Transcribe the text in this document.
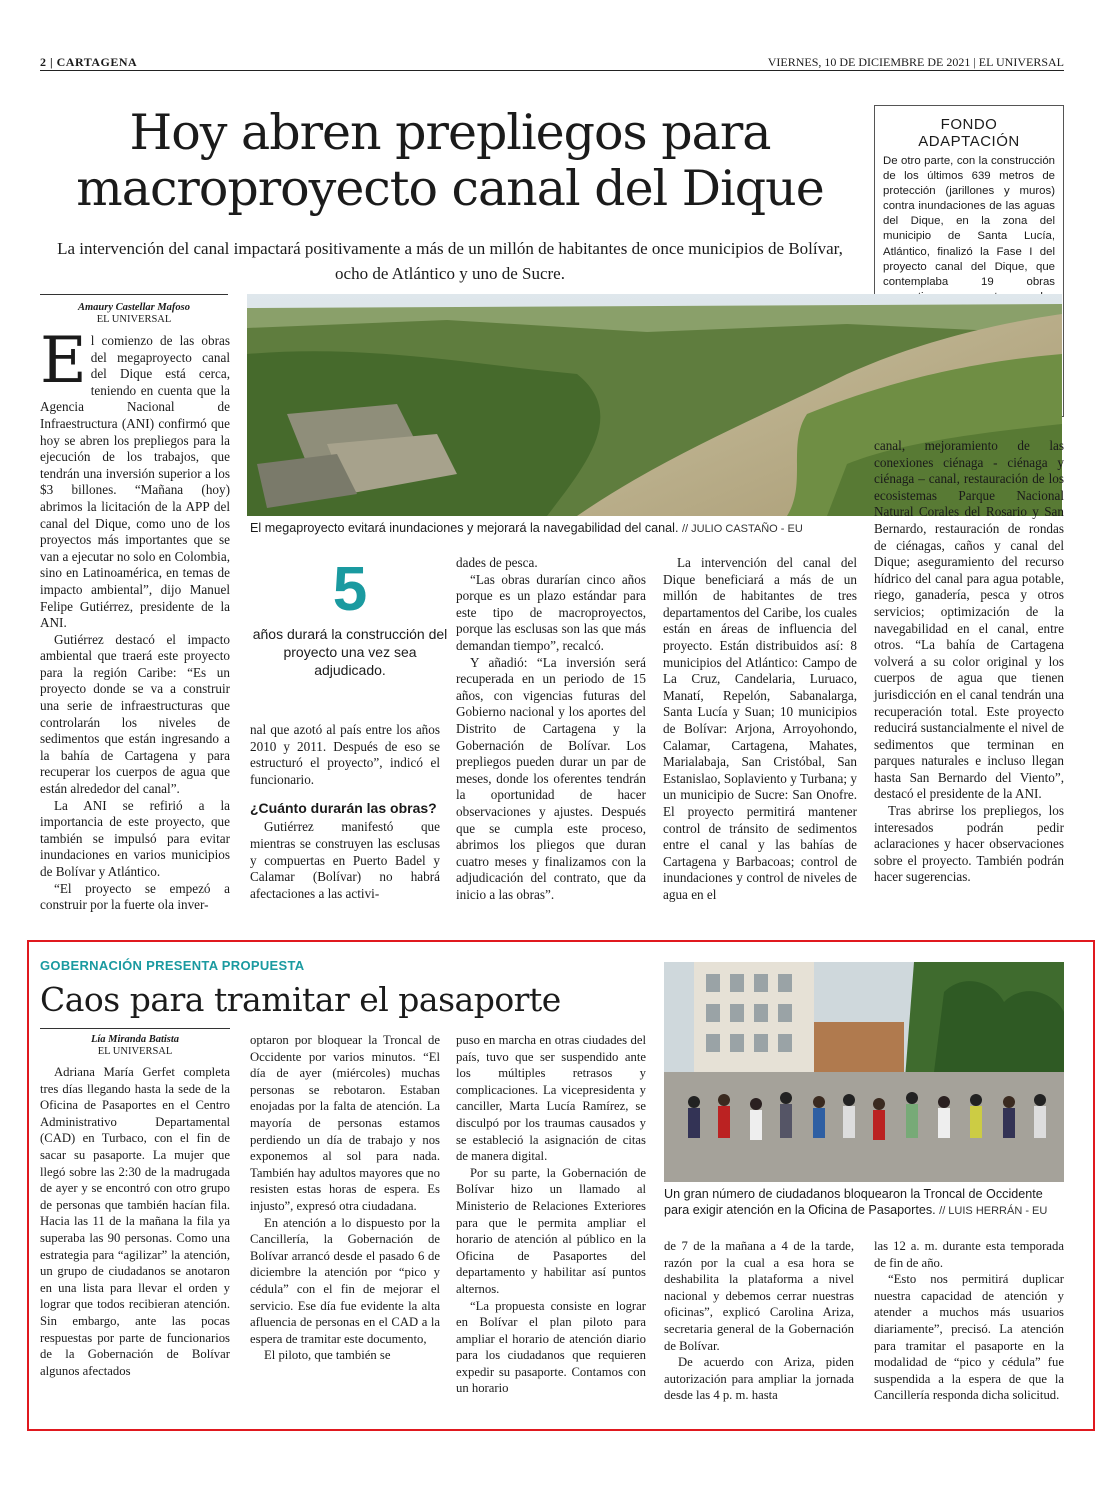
2 | CARTAGENA	VIERNES, 10 DE DICIEMBRE DE 2021 | EL UNIVERSAL
Hoy abren prepliegos para
macroproyecto canal del Dique
La intervención del canal impactará positivamente a más de un millón de habitantes de once municipios de Bolívar, ocho de Atlántico y uno de Sucre.
FONDO
ADAPTACIÓN
De otro parte, con la construcción de los últimos 639 metros de protección (jarillones y muros) contra inundaciones de las aguas del Dique, en la zona del municipio de Santa Lucía, Atlántico, finalizó la Fase I del proyecto canal del Dique, que contemplaba 19 obras
El megaproyecto evitará inundaciones y mejorará la navegabilidad del canal. // JULIO CASTAÑO - EU
Amaury Castellar Mafoso
EL UNIVERSAL

El comienzo de las obras del megaproyecto canal del Dique está cerca, teniendo en cuenta que la Agencia Nacional de Infraestructura (ANI) confirmó que hoy se abren los prepliegos para la ejecución de los trabajos, que tendrán una inversión superior a los $3 billones. “Mañana (hoy) abrimos la licitación de la APP del canal del Dique, como uno de los proyectos más importantes que se van a ejecutar no solo en Colombia, sino en Latinoamérica, en temas de impacto ambiental”, dijo Manuel Felipe Gutiérrez, presidente de la ANI.

Gutiérrez destacó el impacto ambiental que traerá este proyecto para la región Caribe: “Es un proyecto donde se va a construir una serie de infraestructuras que controlarán los niveles de sedimentos que están ingresando a la bahía de Cartagena y para recuperar los cuerpos de agua que están alrededor del canal”.

La ANI se refirió a la importancia de este proyecto, que también se impulsó para evitar inundaciones en varios municipios de Bolívar y Atlántico.

“El proyecto se empezó a construir por la fuerte ola inver-

5
años durará la construcción del proyecto una vez sea adjudicado.

nal que azotó al país entre los años 2010 y 2011. Después de eso se estructuró el proyecto”, indicó el funcionario.

¿Cuánto durarán las obras?

Gutiérrez manifestó que mientras se construyen las esclusas y compuertas en Puerto Badel y Calamar (Bolívar) no habrá afectaciones a las activi-

dades de pesca.

“Las obras durarían cinco años porque es un plazo estándar para este tipo de macroproyectos, porque las esclusas son las que más demandan tiempo”, recalcó.

Y añadió: “La inversión será recuperada en un periodo de 15 años, con vigencias futuras del Gobierno nacional y los aportes del Distrito de Cartagena y la Gobernación de Bolívar. Los prepliegos pueden durar un par de meses, donde los oferentes tendrán la oportunidad de hacer observaciones y ajustes. Después que se cumpla este proceso, abrimos los pliegos que duran cuatro meses y finalizamos con la adjudicación del contrato, que da inicio a las obras”.

La intervención del canal del Dique beneficiará a más de un millón de habitantes de tres departamentos del Caribe, los cuales están en áreas de influencia del proyecto. Están distribuidos así: 8 municipios del Atlántico: Campo de La Cruz, Candelaria, Luruaco, Manatí, Repelón, Sabanalarga, Santa Lucía y Suan; 10 municipios de Bolívar: Arjona, Arroyohondo, Calamar, Cartagena, Mahates, Marialabaja, San Cristóbal, San Estanislao, Soplaviento y Turbana; y un municipio de Sucre: San Onofre. El proyecto permitirá mantener control de tránsito de sedimentos entre el canal y las bahías de Cartagena y Barbacoas; control de inundaciones y control de niveles de agua en el

canal, mejoramiento de las conexiones ciénaga - ciénaga y ciénaga – canal, restauración de los ecosistemas Parque Nacional Natural Corales del Rosario y San Bernardo, restauración de rondas de ciénagas, caños y canal del Dique; aseguramiento del recurso hídrico del canal para agua potable, riego, ganadería, pesca y otros servicios; optimización de la navegabilidad en el canal, entre otros. “La bahía de Cartagena volverá a su color original y los cuerpos de agua que tienen jurisdicción en el canal tendrán una recuperación total. Este proyecto reducirá sustancialmente el nivel de sedimentos que terminan en parques naturales e incluso llegan hasta San Bernardo del Viento”, destacó el presidente de la ANI.

Tras abrirse los prepliegos, los interesados podrán pedir aclaraciones y hacer observaciones sobre el proyecto. También podrán hacer sugerencias.

GOBERNACIÓN PRESENTA PROPUESTA
Caos para tramitar el pasaporte
Lía Miranda Batista
EL UNIVERSAL

Adriana María Gerfet completa tres días llegando hasta la sede de la Oficina de Pasaportes en el Centro Administrativo Departamental (CAD) en Turbaco, con el fin de sacar su pasaporte. La mujer que llegó sobre las 2:30 de la madrugada de ayer y se encontró con otro grupo de personas que también hacían fila. Hacia las 11 de la mañana la fila ya superaba las 90 personas. Como una estrategia para “agilizar” la atención, un grupo de ciudadanos se anotaron en una lista para llevar el orden y lograr que todos recibieran atención. Sin embargo, ante las pocas respuestas por parte de funcionarios de la Gobernación de Bolívar algunos afectados

optaron por bloquear la Troncal de Occidente por varios minutos. “El día de ayer (miércoles) muchas personas se rebotaron. Estaban enojadas por la falta de atención. La mayoría de personas estamos perdiendo un día de trabajo y nos exponemos al sol para nada. También hay adultos mayores que no resisten estas horas de espera. Es injusto”, expresó otra ciudadana.

En atención a lo dispuesto por la Cancillería, la Gobernación de Bolívar arrancó desde el pasado 6 de diciembre la atención por “pico y cédula” con el fin de mejorar el servicio. Ese día fue evidente la alta afluencia de personas en el CAD a la espera de tramitar este documento,

El piloto, que también se

puso en marcha en otras ciudades del país, tuvo que ser suspendido ante los múltiples retrasos y complicaciones. La vicepresidenta y canciller, Marta Lucía Ramírez, se disculpó por los traumas causados y se estableció la asignación de citas de manera digital.

Por su parte, la Gobernación de Bolívar hizo un llamado al Ministerio de Relaciones Exteriores para que le permita ampliar el horario de atención al público en la Oficina de Pasaportes del departamento y habilitar así puntos alternos.

“La propuesta consiste en lograr en Bolívar el plan piloto para ampliar el horario de atención diario para los ciudadanos que requieren expedir su pasaporte. Contamos con un horario

Un gran número de ciudadanos bloquearon la Troncal de Occidente para exigir atención en la Oficina de Pasaportes. // LUIS HERRÁN - EU

de 7 de la mañana a 4 de la tarde, razón por la cual a esa hora se deshabilita la plataforma a nivel nacional y debemos cerrar nuestras oficinas”, explicó Carolina Ariza, secretaria general de la Gobernación de Bolívar.

De acuerdo con Ariza, piden autorización para ampliar la jornada desde las 4 p. m. hasta

las 12 a. m. durante esta temporada de fin de año.

“Esto nos permitirá duplicar nuestra capacidad de atención y atender a muchos más usuarios diariamente”, precisó. La atención para tramitar el pasaporte en la modalidad de “pico y cédula” fue suspendida a la espera de que la Cancillería responda dicha solicitud.
